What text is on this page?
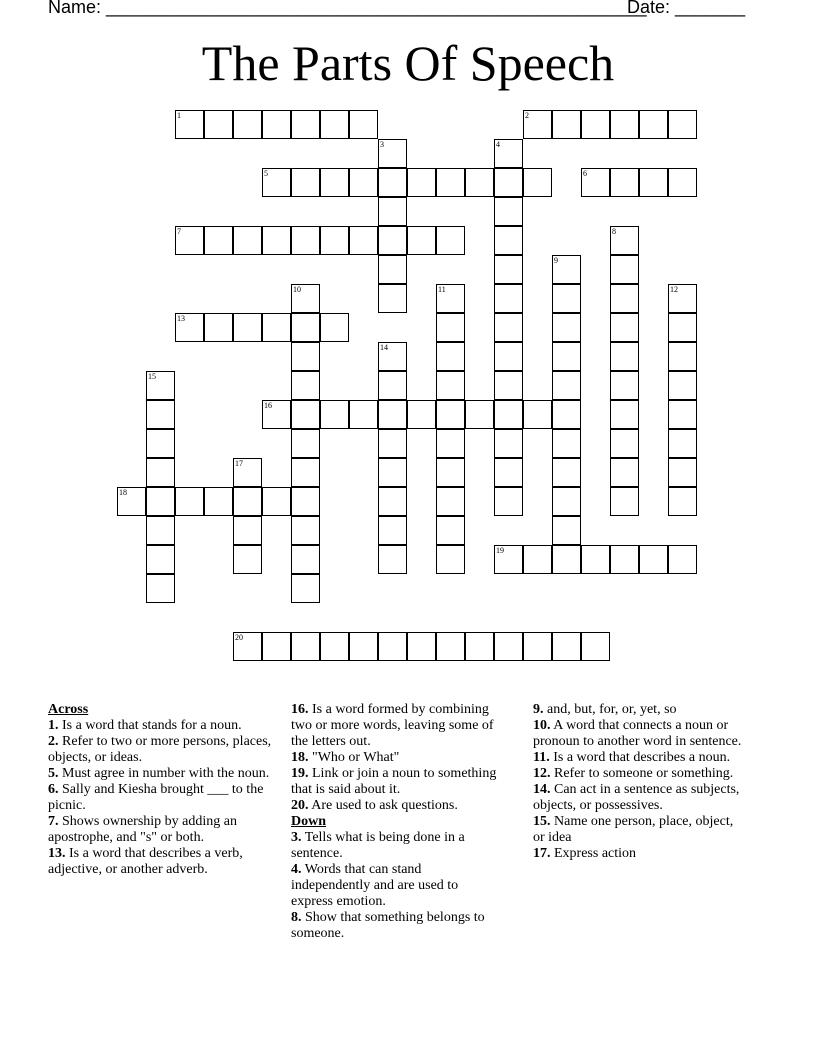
Name: ______________________________________________________
Date: _______
The Parts Of Speech
1	2
5	6
7
13
16
18
19
20
3	4
8
9
10	11	12
14
15
17
Across
1. Is a word that stands for a noun.
2. Refer to two or more persons, places, objects, or ideas.
5. Must agree in number with the noun.
6. Sally and Kiesha brought ___ to the picnic.
7. Shows ownership by adding an apostrophe, and "s" or both.
13. Is a word that describes a verb, adjective, or another adverb.
16. Is a word formed by combining two or more words, leaving some of the letters out.
18. "Who or What"
19. Link or join a noun to something that is said about it.
20. Are used to ask questions.
Down
3. Tells what is being done in a sentence.
4. Words that can stand independently and are used to express emotion.
8. Show that something belongs to someone.
9. and, but, for, or, yet, so
10. A word that connects a noun or pronoun to another word in sentence.
11. Is a word that describes a noun.
12. Refer to someone or something.
14. Can act in a sentence as subjects, objects, or possessives.
15. Name one person, place, object, or idea
17. Express action
